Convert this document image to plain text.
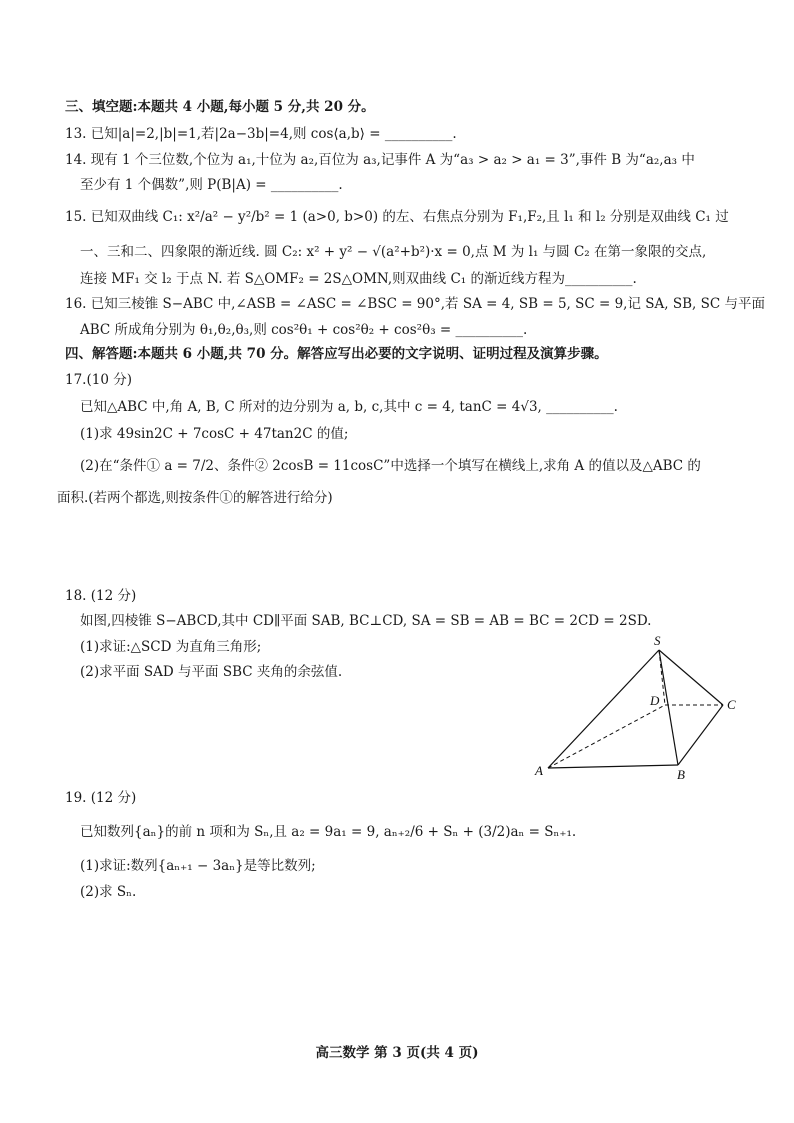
三、填空题:本题共 4 小题,每小题 5 分,共 20 分。
13. 已知|a|=2,|b|=1,若|2a−3b|=4,则 cos⟨a,b⟩ = __________.
14. 现有 1 个三位数,个位为 a₁,十位为 a₂,百位为 a₃,记事件 A 为“a₃ > a₂ > a₁ = 3”,事件 B 为“a₂,a₃ 中
至少有 1 个偶数”,则 P(B|A) = __________.
15. 已知双曲线 C₁: x²/a² − y²/b² = 1 (a>0, b>0) 的左、右焦点分别为 F₁,F₂,且 l₁ 和 l₂ 分别是双曲线 C₁ 过
一、三和二、四象限的渐近线. 圆 C₂: x² + y² − √(a²+b²)·x = 0,点 M 为 l₁ 与圆 C₂ 在第一象限的交点,
连接 MF₁ 交 l₂ 于点 N. 若 S△OMF₂ = 2S△OMN,则双曲线 C₁ 的渐近线方程为__________.
16. 已知三棱锥 S−ABC 中,∠ASB = ∠ASC = ∠BSC = 90°,若 SA = 4, SB = 5, SC = 9,记 SA, SB, SC 与平面
ABC 所成角分别为 θ₁,θ₂,θ₃,则 cos²θ₁ + cos²θ₂ + cos²θ₃ = __________.
四、解答题:本题共 6 小题,共 70 分。解答应写出必要的文字说明、证明过程及演算步骤。
17.(10 分)
已知△ABC 中,角 A, B, C 所对的边分别为 a, b, c,其中 c = 4, tanC = 4√3, __________.
(1)求 49sin2C + 7cosC + 47tan2C 的值;
(2)在“条件① a = 7/2、条件② 2cosB = 11cosC”中选择一个填写在横线上,求角 A 的值以及△ABC 的
面积.(若两个都选,则按条件①的解答进行给分)
18. (12 分)
如图,四棱锥 S−ABCD,其中 CD∥平面 SAB, BC⊥CD, SA = SB = AB = BC = 2CD = 2SD.
(1)求证:△SCD 为直角三角形;
(2)求平面 SAD 与平面 SBC 夹角的余弦值.
S
D	C
A	B
19. (12 分)
已知数列{aₙ}的前 n 项和为 Sₙ,且 a₂ = 9a₁ = 9, aₙ₊₂/6 + Sₙ + (3/2)aₙ = Sₙ₊₁.
(1)求证:数列{aₙ₊₁ − 3aₙ}是等比数列;
(2)求 Sₙ.
高三数学 第 3 页(共 4 页)
